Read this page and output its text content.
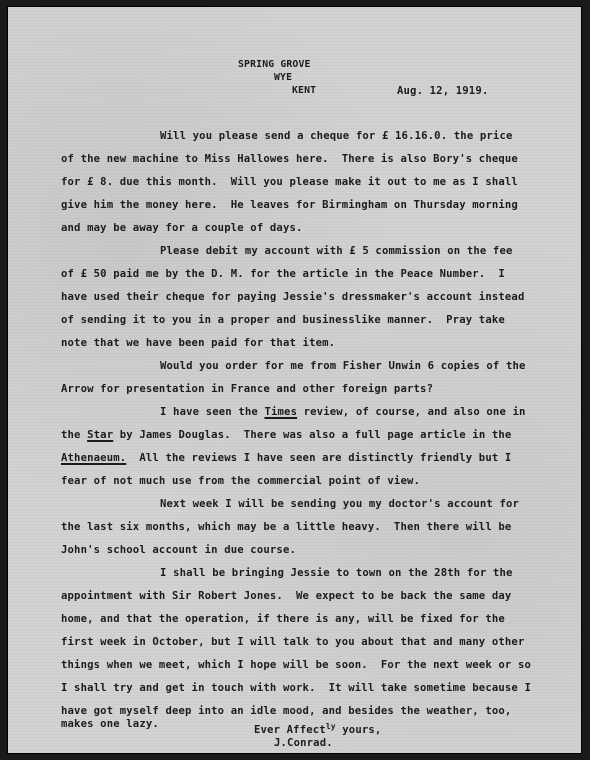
SPRING GROVE
WYE
KENT	Aug. 12, 1919.
Will you please send a cheque for £ 16.16.0. the price
of the new machine to Miss Hallowes here.  There is also Bory's cheque
for £ 8. due this month.  Will you please make it out to me as I shall
give him the money here.  He leaves for Birmingham on Thursday morning
and may be away for a couple of days.
Please debit my account with £ 5 commission on the fee
of £ 50 paid me by the D. M. for the article in the Peace Number.  I
have used their cheque for paying Jessie's dressmaker's account instead
of sending it to you in a proper and businesslike manner.  Pray take
note that we have been paid for that item.
Would you order for me from Fisher Unwin 6 copies of the
Arrow for presentation in France and other foreign parts?
I have seen the Times review, of course, and also one in
the Star by James Douglas.  There was also a full page article in the
Athenaeum.  All the reviews I have seen are distinctly friendly but I
fear of not much use from the commercial point of view.
Next week I will be sending you my doctor's account for
the last six months, which may be a little heavy.  Then there will be
John's school account in due course.
I shall be bringing Jessie to town on the 28th for the
appointment with Sir Robert Jones.  We expect to be back the same day
home, and that the operation, if there is any, will be fixed for the
first week in October, but I will talk to you about that and many other
things when we meet, which I hope will be soon.  For the next week or so
I shall try and get in touch with work.  It will take sometime because I
have got myself deep into an idle mood, and besides the weather, too,
makes one lazy.	Ever Affect$^{ly}$ yours,
J.Conrad.
